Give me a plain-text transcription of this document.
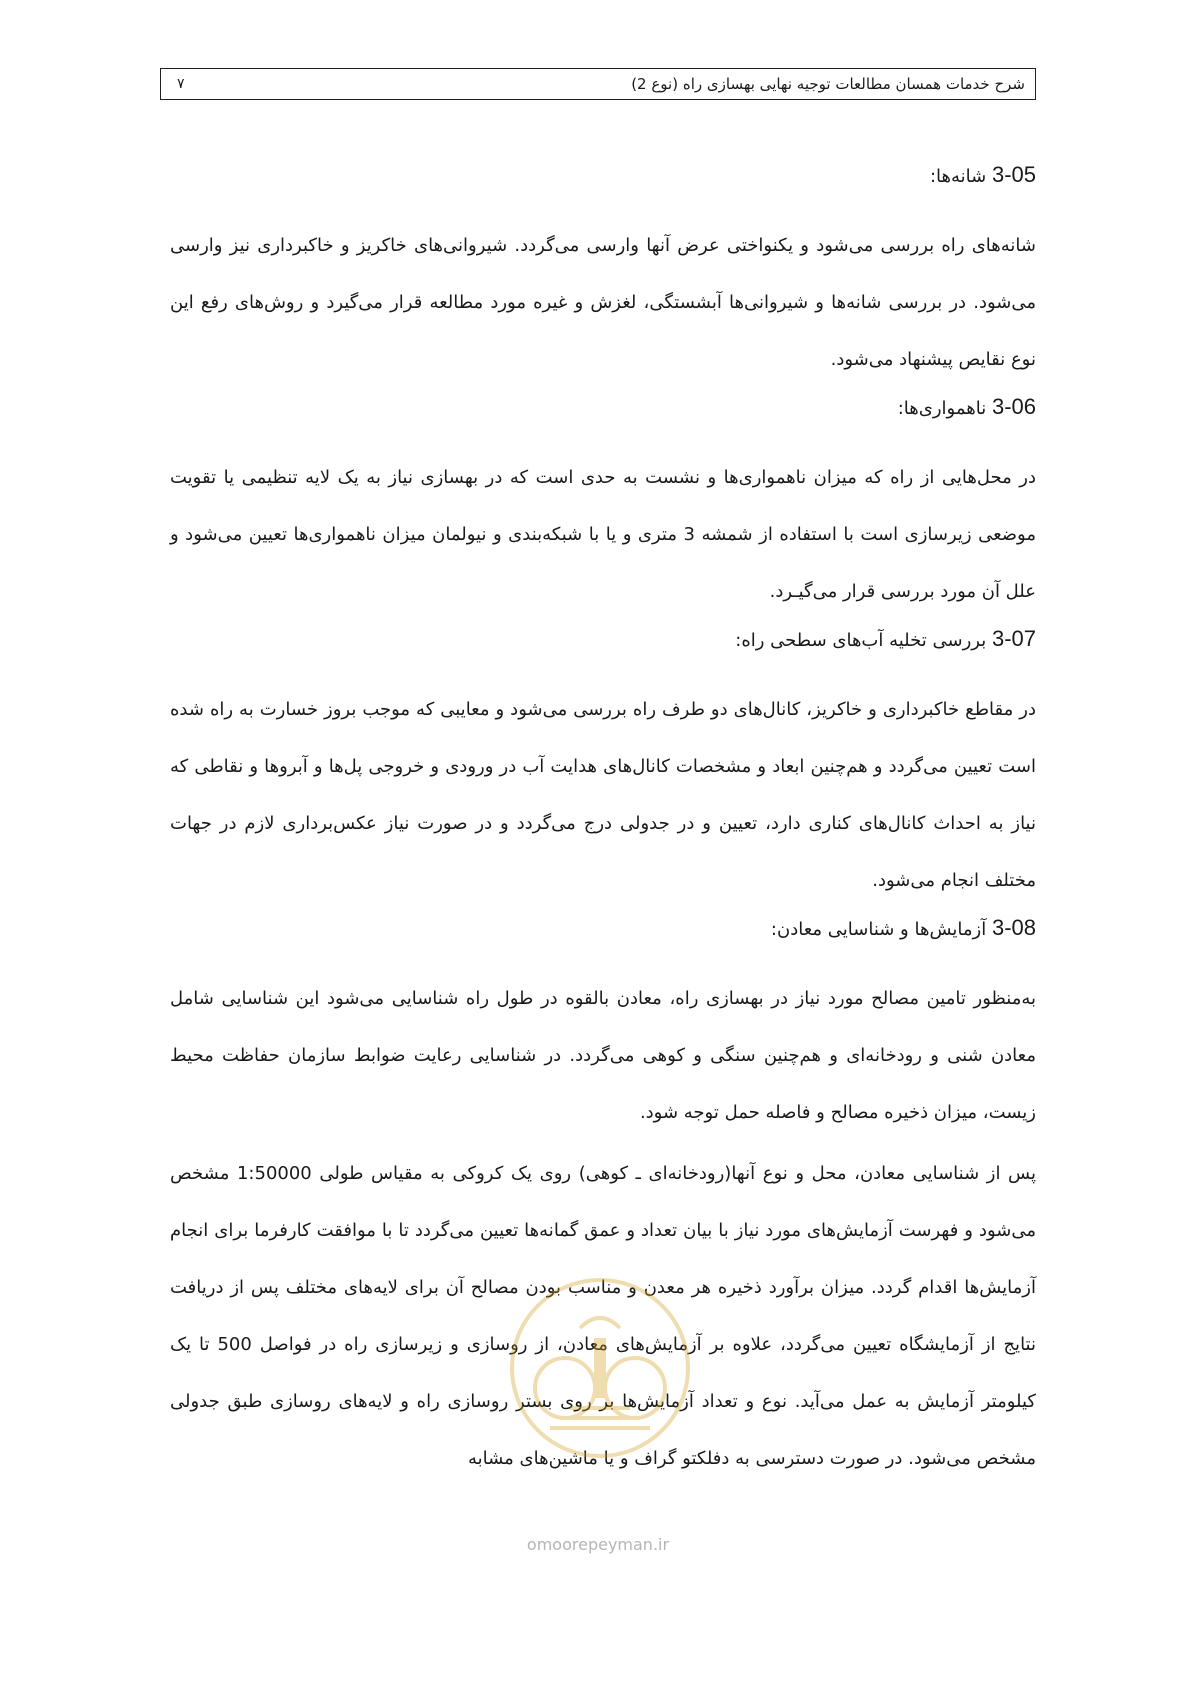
شرح خدمات همسان مطالعات توجیه نهایی بهسازی راه (نوع 2)
۷
3-05 شانه‌ها:

شانه‌های راه بررسی می‌شود و یکنواختی عرض آنها وارسی می‌گردد. شیروانی‌های خاکریز و خاکبرداری نیز وارسی می‌شود. در بررسی شانه‌ها و شیروانی‌ها آبشستگی، لغزش و غیره مورد مطالعه قرار می‌گیرد و روش‌های رفع این نوع نقایص پیشنهاد می‌شود.

3-06 ناهمواری‌ها:

در محل‌هایی از راه که میزان ناهمواری‌ها و نشست به حدی است که در بهسازی نیاز به یک لایه تنظیمی یا تقویت موضعی زیرسازی است با استفاده از شمشه 3 متری و یا با شبکه‌بندی و نیولمان میزان ناهمواری‌ها تعیین می‌شود و علل آن مورد بررسی قرار می‌گیـرد.

3-07 بررسی تخلیه آب‌های سطحی راه:

در مقاطع خاکبرداری و خاکریز، کانال‌های دو طرف راه بررسی می‌شود و معایبی که موجب بروز خسارت به راه شده است تعیین می‌گردد و هم‌چنین ابعاد و مشخصات کانال‌های هدایت آب در ورودی و خروجی پل‌ها و آبروها و نقاطی که نیاز به احداث کانال‌های کناری دارد، تعیین و در جدولی درج می‌گردد و در صورت نیاز عکس‌برداری لازم در جهات مختلف انجام می‌شود.

3-08 آزمایش‌ها و شناسایی معادن:

به‌منظور تامین مصالح مورد نیاز در بهسازی راه، معادن بالقوه در طول راه شناسایی می‌شود این شناسایی شامل معادن شنی و رودخانه‌ای و هم‌چنین سنگی و کوهی می‌گردد. در شناسایی رعایت ضوابط سازمان حفاظت محیط زیست، میزان ذخیره مصالح و فاصله حمل توجه شود.

پس از شناسایی معادن، محل و نوع آنها(رودخانه‌ای ـ کوهی) روی یک کروکی به مقیاس طولی 1:50000 مشخص می‌شود و فهرست آزمایش‌های مورد نیاز با بیان تعداد و عمق گمانه‌ها تعیین می‌گردد تا با موافقت کارفرما برای انجام آزمایش‌ها اقدام گردد. میزان برآورد ذخیره هر معدن و مناسب بودن مصالح آن برای لایه‌های مختلف پس از دریافت نتایج از آزمایشگاه تعیین می‌گردد، علاوه بر آزمایش‌های معادن، از روسازی و زیرسازی راه در فواصل 500 تا یک کیلومتر آزمایش به عمل می‌آید. نوع و تعداد آزمایش‌ها بر روی بستر روسازی راه و لایه‌های روسازی طبق جدولی مشخص می‌شود. در صورت دسترسی به دفلکتو گراف و یا ماشین‌های مشابه

omoorepeyman.ir
